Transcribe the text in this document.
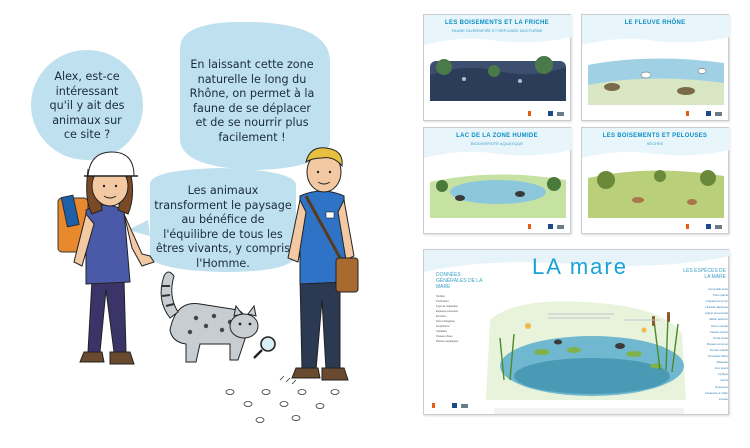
Alex, est-ce intéressant qu'il y ait des animaux sur ce site ?
En laissant cette zone naturelle le long du Rhône, on permet à la faune de se déplacer et de se nourrir plus facilement !
Les animaux transforment le paysage au bénéfice de l'équilibre de tous les êtres vivants, y compris l'Homme.
LES BOISEMENTS ET LA FRICHE
FAUNE DIVERSIFIÉE ET RÉFUGIÉE NOCTURNE
LE FLEUVE RHÔNE
LAC DE LA ZONE HUMIDE
BIODIVERSITÉ AQUATIQUE
LES BOISEMENTS ET PELOUSES
SÈCHES
LA mare
DONNÉES GÉNÉRALES DE LA MARE
Surface
Profondeur
Type de végétation
Espèces présentes
Entretien
Suivi écologique
Amphibiens
Libellules
Oiseaux d'eau
Plantes aquatiques
LES ESPÈCES DE LA MARE
Grenouille verte
Triton palmé
Crapaud commun
Libellule déprimée
Agrion jouvencelle
Martin-pêcheur
Héron cendré
Canard colvert
Poule d'eau
Roseau commun
Iris des marais
Nénuphar blanc
Massette
Jonc épars
Dytique
Gerris
Notonecte
Couleuvre à collier
Limnée
